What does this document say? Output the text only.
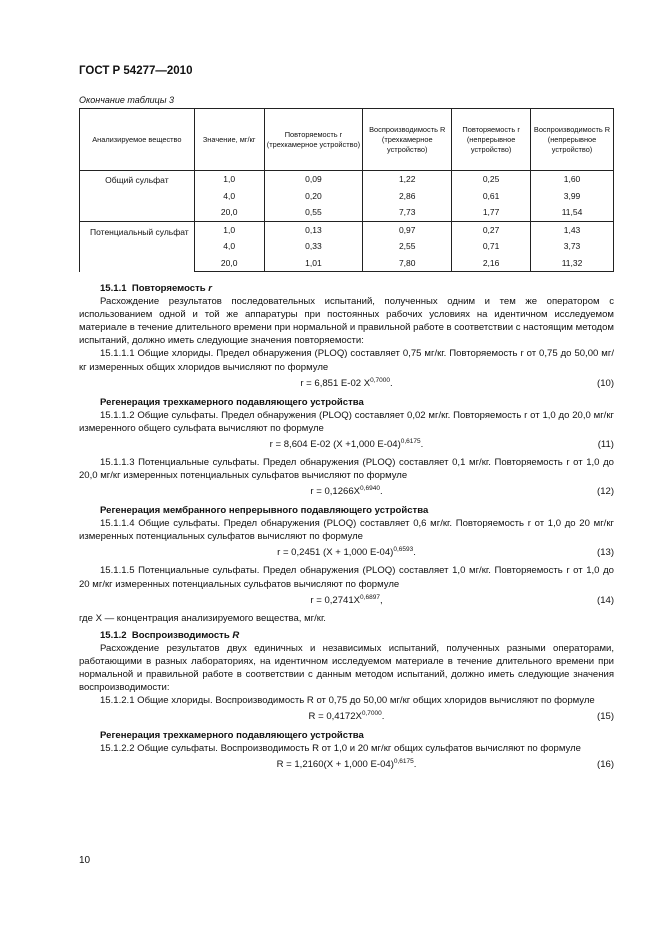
ГОСТ Р 54277—2010
Окончание таблицы 3
Анализируемое вещество	Значение, мг/кг	Повторяемость r (трехкамерное устройство)	Воспроизводимость R (трехкамерное устройство)	Повторяемость r (непрерывное устройство)	Воспроизводимость R (непрерывное устройство)
Общий сульфат	1,0	0,09	1,22	0,25	1,60
	4,0	0,20	2,86	0,61	3,99
	20,0	0,55	7,73	1,77	11,54
Потенциальный сульфат	1,0	0,13	0,97	0,27	1,43
	4,0	0,33	2,55	0,71	3,73
	20,0	1,01	7,80	2,16	11,32

15.1.1 Повторяемость r

Расхождение результатов последовательных испытаний, полученных одним и тем же оператором с использованием одной и той же аппаратуры при постоянных рабочих условиях на идентичном исследуемом материале в течение длительного времени при нормальной и правильной работе в соответствии с настоящим методом испытаний, должно иметь следующие значения повторяемости:

15.1.1.1 Общие хлориды. Предел обнаружения (PLOQ) составляет 0,75 мг/кг. Повторяемость r от 0,75 до 50,00 мг/кг измеренных общих хлоридов вычисляют по формуле

r = 6,851 E-02 $X^{0,7000}$.	(10)

Регенерация трехкамерного подавляющего устройства

15.1.1.2 Общие сульфаты. Предел обнаружения (PLOQ) составляет 0,02 мг/кг. Повторяемость r от 1,0 до 20,0 мг/кг измеренного общего сульфата вычисляют по формуле

r = 8,604 E-02 (X +1,000 E-04)$^{0,6175}$.	(11)

15.1.1.3 Потенциальные сульфаты. Предел обнаружения (PLOQ) составляет 0,1 мг/кг. Повторяемость r от 1,0 до 20,0 мг/кг измеренных потенциальных сульфатов вычисляют по формуле

$r = 0,1266X^{0,6940}$.	(12)

Регенерация мембранного непрерывного подавляющего устройства

15.1.1.4 Общие сульфаты. Предел обнаружения (PLOQ) составляет 0,6 мг/кг. Повторяемость r от 1,0 до 20 мг/кг измеренных потенциальных сульфатов вычисляют по формуле

r = 0,2451 (X + 1,000 E-04)$^{0,6593}$.	(13)

15.1.1.5 Потенциальные сульфаты. Предел обнаружения (PLOQ) составляет 1,0 мг/кг. Повторяемость r от 1,0 до 20 мг/кг измеренных потенциальных сульфатов вычисляют по формуле

$r = 0,2741X^{0,6897}$,	(14)

где X — концентрация анализируемого вещества, мг/кг.

15.1.2 Воспроизводимость R

Расхождение результатов двух единичных и независимых испытаний, полученных разными операторами, работающими в разных лабораториях, на идентичном исследуемом материале в течение длительного времени при нормальной и правильной работе в соответствии с данным методом испытаний, должно иметь следующие значения воспроизводимости:

15.1.2.1 Общие хлориды. Воспроизводимость R от 0,75 до 50,00 мг/кг общих хлоридов вычисляют по формуле

$R = 0,4172X^{0,7000}$.	(15)

Регенерация трехкамерного подавляющего устройства

15.1.2.2 Общие сульфаты. Воспроизводимость R от 1,0 и 20 мг/кг общих сульфатов вычисляют по формуле

R = 1,2160(X + 1,000 E-04)$^{0,6175}$.	(16)
10
